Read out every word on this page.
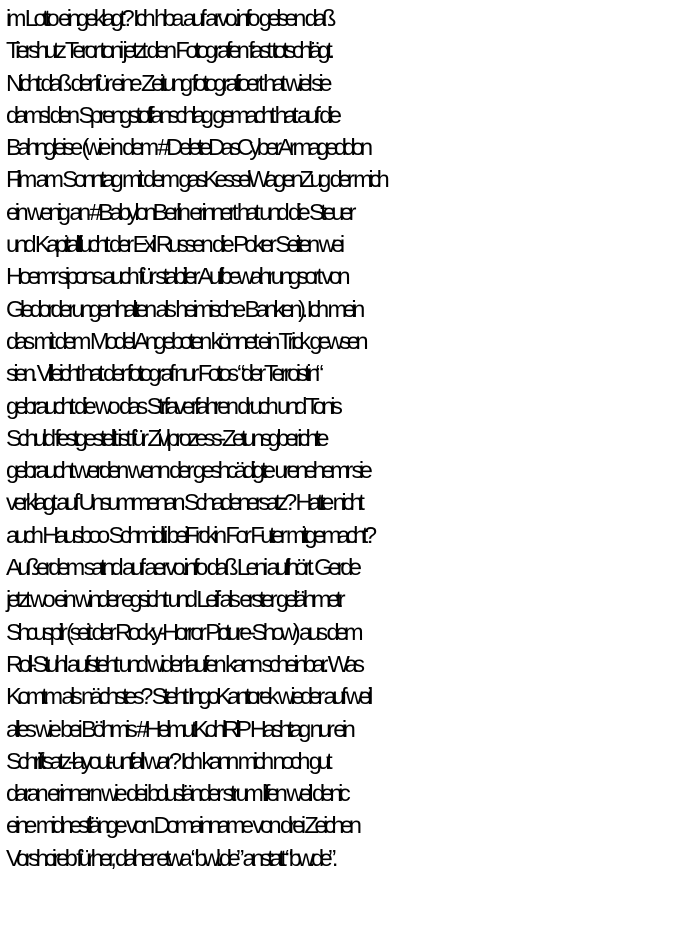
im Lotto eingeklagt? Ich hba auf arvo.info gelsen daß
Tiershutz Teror toni jetzt den Fotografen fast totschlägt.
Nicht daß der für eine Zeitung fotografioert hat wiel sie
damsl den Sprengstoffanschlag gemacht hat auf die
Bahngleise (wie in dem #DeleteDasCyberArmageddon
Film am Sonntag mit dem gasKesselWagenZug der mich
ein wenig an #BabylonBerlin erinnert hat und die Steuer
und Kapitalflucht der Exil Russen die Poker Seiten wei
Hoemr sipons auch für stabiler Aufbewahrungsort von
Gledorderungenhalten als heimische Banken). Ich mein
das mit dem Model Angeboten könnet ein Trick gewsen
sien. Villeicht hat der fotograf nur Fotos “der Terroistin“
gebraucht die wo das Strfaverfahren druch und Tonis
Schuld festgestellt ist für Zivlprozess-Zetunsgberichte
gebraucht werden wenn der geshcädigte urenehemr sie
verklagt auf Unsummenan Schadenersatz? Hatte nicht
auch Hausboo Schmidti beiFrckin For Futer mitgemacht?
Außerdem satnd auf aervo.info daß Leni aufhört. Gerde
jetzt wo ein winder egsicht und Leif als erster gelähmetr
Shcuspilr (seit der Rocky-Horror Picture-Show) aus dem
Roll-Stuhl aufsteht und wider laufen kann scheinbar. Was
Komtm als nächstes? Steht IngoKantorek wieder auf weil
alles wie bei Böhmis #HelmutKohlRlP Hashtag nur ein
Schriftsatz-layout-unfall war? Ich kann mich noch gut
daran erinnern wie dei bdusländer strum lifen weil denic
eine midnestlänge von Domainname von drei Zeichen
Vorshcireb fürher, daher etwa “bwl.de” anstatt “bw.de”.
